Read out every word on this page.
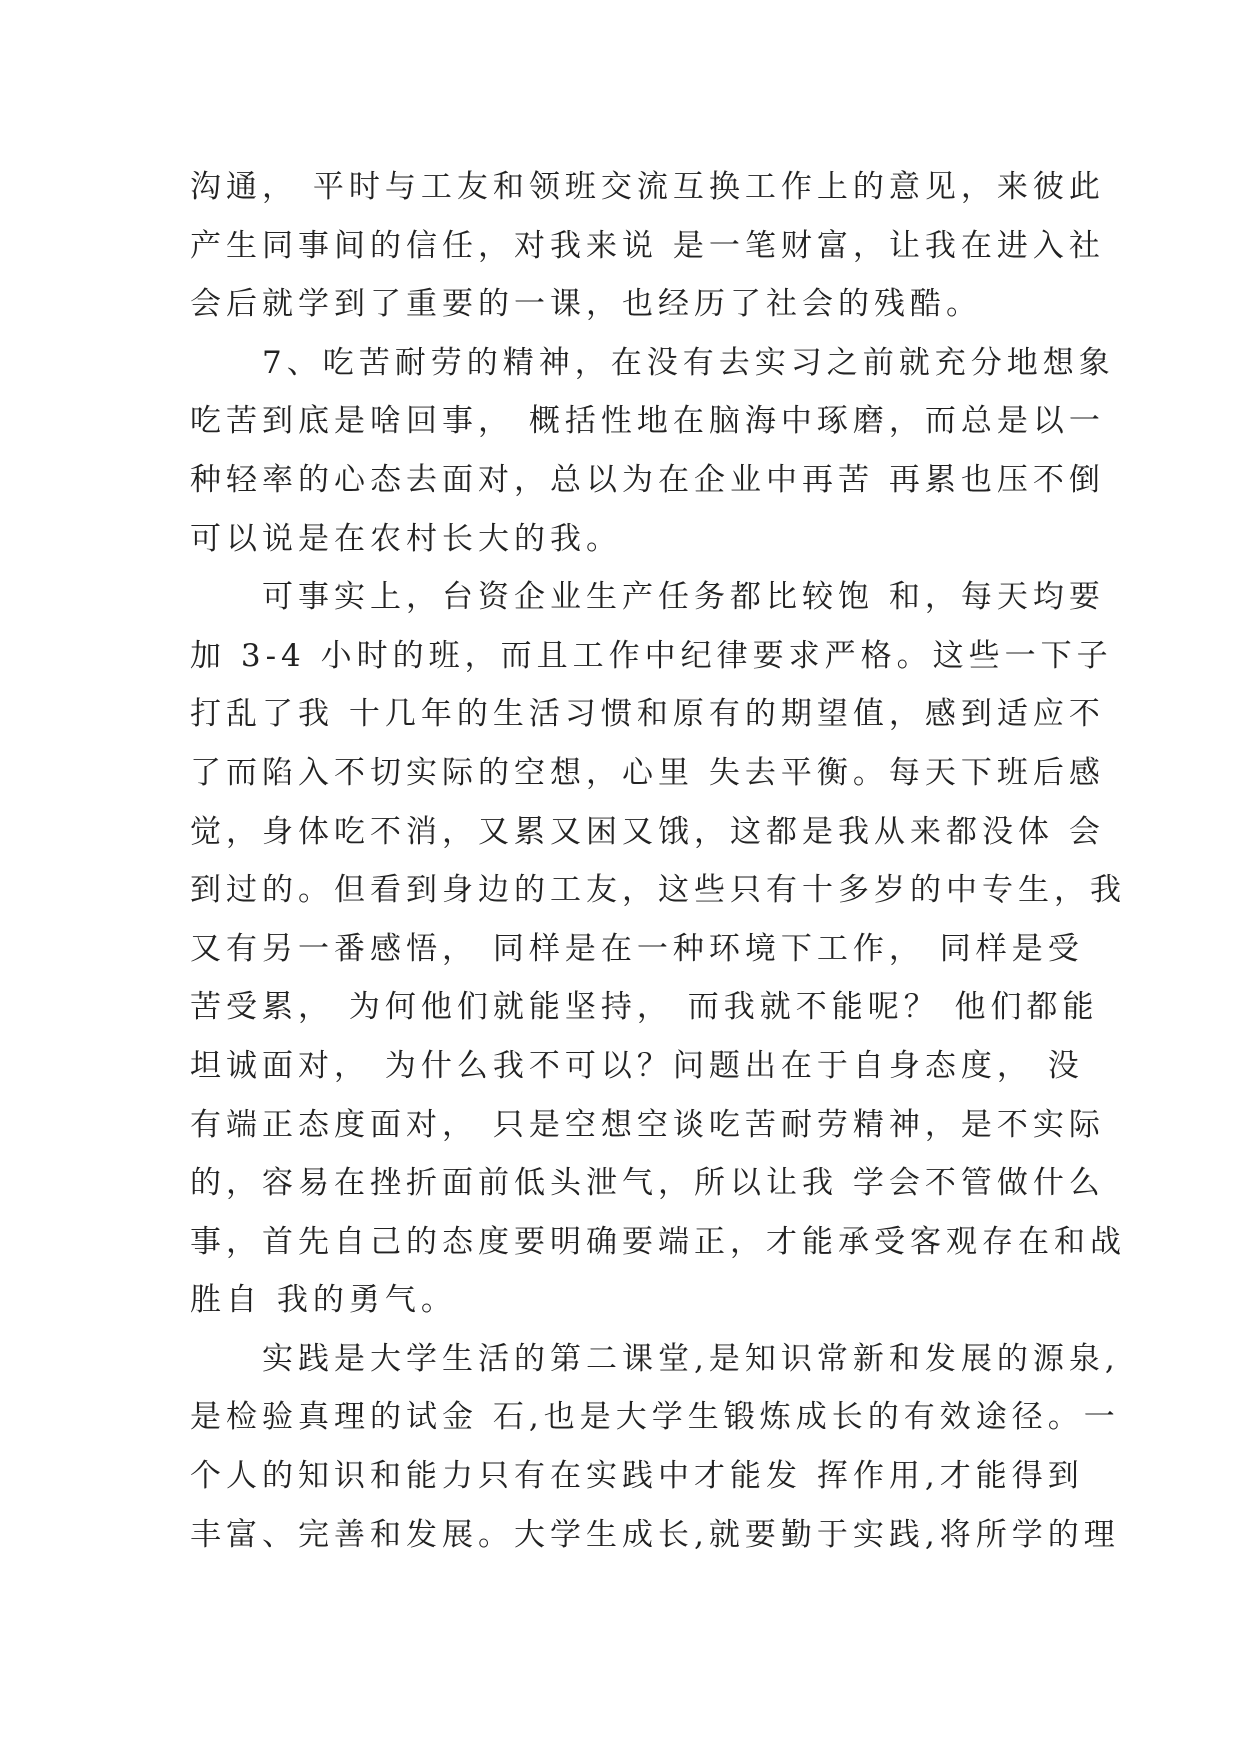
沟通， 平时与工友和领班交流互换工作上的意见，来彼此
产生同事间的信任，对我来说 是一笔财富，让我在进入社
会后就学到了重要的一课，也经历了社会的残酷。
　　7、吃苦耐劳的精神，在没有去实习之前就充分地想象
吃苦到底是啥回事， 概括性地在脑海中琢磨，而总是以一
种轻率的心态去面对，总以为在企业中再苦 再累也压不倒
可以说是在农村长大的我。
　　可事实上，台资企业生产任务都比较饱 和，每天均要
加 3-4 小时的班，而且工作中纪律要求严格。这些一下子
打乱了我 十几年的生活习惯和原有的期望值，感到适应不
了而陷入不切实际的空想，心里 失去平衡。每天下班后感
觉，身体吃不消，又累又困又饿，这都是我从来都没体 会
到过的。但看到身边的工友，这些只有十多岁的中专生，我
又有另一番感悟， 同样是在一种环境下工作， 同样是受
苦受累， 为何他们就能坚持， 而我就不能呢？ 他们都能
坦诚面对， 为什么我不可以？问题出在于自身态度， 没
有端正态度面对， 只是空想空谈吃苦耐劳精神，是不实际
的，容易在挫折面前低头泄气，所以让我 学会不管做什么
事，首先自己的态度要明确要端正，才能承受客观存在和战
胜自 我的勇气。
　　实践是大学生活的第二课堂,是知识常新和发展的源泉,
是检验真理的试金 石,也是大学生锻炼成长的有效途径。一
个人的知识和能力只有在实践中才能发 挥作用,才能得到
丰富、完善和发展。大学生成长,就要勤于实践,将所学的理
